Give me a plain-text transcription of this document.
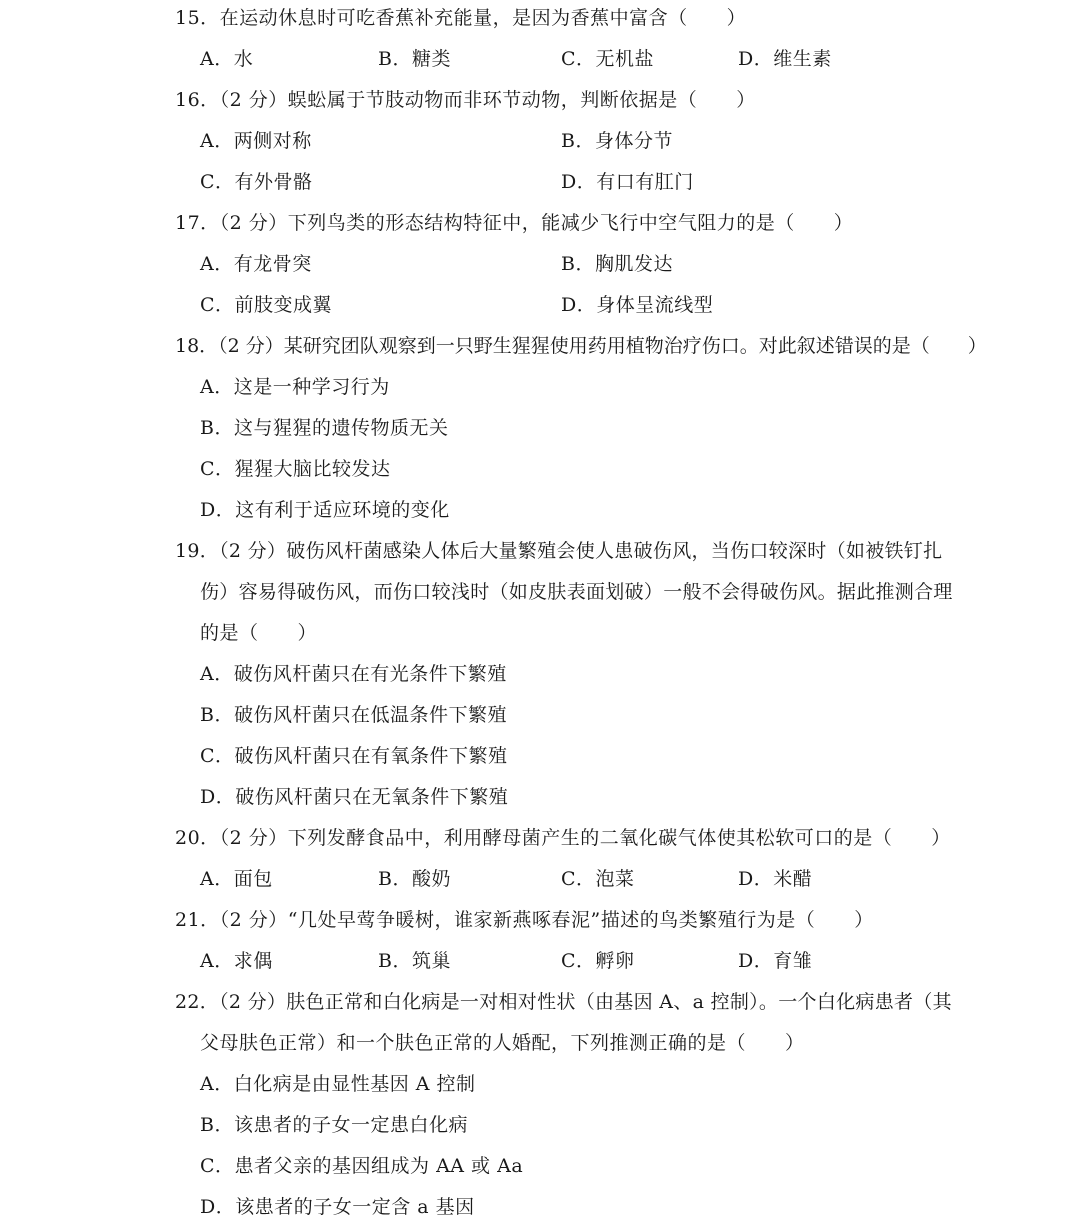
15．在运动休息时可吃香蕉补充能量，是因为香蕉中富含（　　）
A．水	B．糖类	C．无机盐	D．维生素
16．（2 分）蜈蚣属于节肢动物而非环节动物，判断依据是（　　）
A．两侧对称	B．身体分节
C．有外骨骼	D．有口有肛门
17．（2 分）下列鸟类的形态结构特征中，能减少飞行中空气阻力的是（　　）
A．有龙骨突	B．胸肌发达
C．前肢变成翼	D．身体呈流线型
18．（2 分）某研究团队观察到一只野生猩猩使用药用植物治疗伤口。对此叙述错误的是（　　）
A．这是一种学习行为
B．这与猩猩的遗传物质无关
C．猩猩大脑比较发达
D．这有利于适应环境的变化
19．（2 分）破伤风杆菌感染人体后大量繁殖会使人患破伤风，当伤口较深时（如被铁钉扎
伤）容易得破伤风，而伤口较浅时（如皮肤表面划破）一般不会得破伤风。据此推测合理
的是（　　）
A．破伤风杆菌只在有光条件下繁殖
B．破伤风杆菌只在低温条件下繁殖
C．破伤风杆菌只在有氧条件下繁殖
D．破伤风杆菌只在无氧条件下繁殖
20．（2 分）下列发酵食品中，利用酵母菌产生的二氧化碳气体使其松软可口的是（　　）
A．面包	B．酸奶	C．泡菜	D．米醋
21．（2 分）“几处早莺争暖树，谁家新燕啄春泥”描述的鸟类繁殖行为是（　　）
A．求偶	B．筑巢	C．孵卵	D．育雏
22．（2 分）肤色正常和白化病是一对相对性状（由基因 A、a 控制）。一个白化病患者（其
父母肤色正常）和一个肤色正常的人婚配，下列推测正确的是（　　）
A．白化病是由显性基因 A 控制
B．该患者的子女一定患白化病
C．患者父亲的基因组成为 AA 或 Aa
D．该患者的子女一定含 a 基因
